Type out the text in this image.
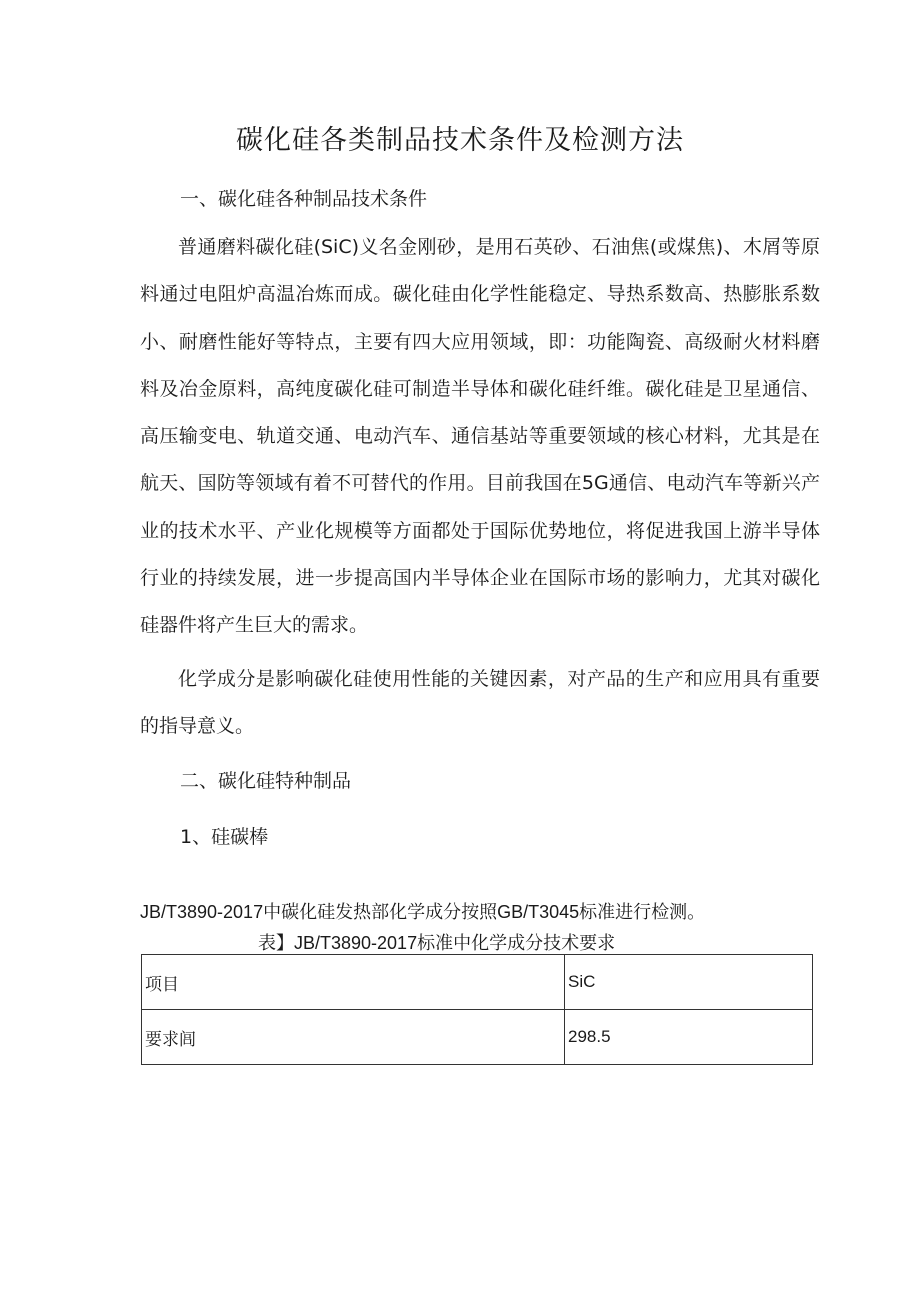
碳化硅各类制品技术条件及检测方法
一、碳化硅各种制品技术条件

普通磨料碳化硅(SiC)义名金刚砂，是用石英砂、石油焦(或煤焦)、木屑等原料通过电阻炉高温冶炼而成。碳化硅由化学性能稳定、导热系数高、热膨胀系数小、耐磨性能好等特点，主要有四大应用领域，即：功能陶瓷、高级耐火材料磨料及冶金原料，高纯度碳化硅可制造半导体和碳化硅纤维。碳化硅是卫星通信、高压输变电、轨道交通、电动汽车、通信基站等重要领域的核心材料，尤其是在航天、国防等领域有着不可替代的作用。目前我国在5G通信、电动汽车等新兴产业的技术水平、产业化规模等方面都处于国际优势地位，将促进我国上游半导体行业的持续发展，进一步提高国内半导体企业在国际市场的影响力，尤其对碳化硅器件将产生巨大的需求。

化学成分是影响碳化硅使用性能的关键因素，对产品的生产和应用具有重要的指导意义。

二、碳化硅特种制品
1、硅碳棒
JB/T3890-2017中碳化硅发热部化学成分按照GB/T3045标准进行检测。
表】JB/T3890-2017标准中化学成分技术要求
项目	SiC
要求闾	298.5
